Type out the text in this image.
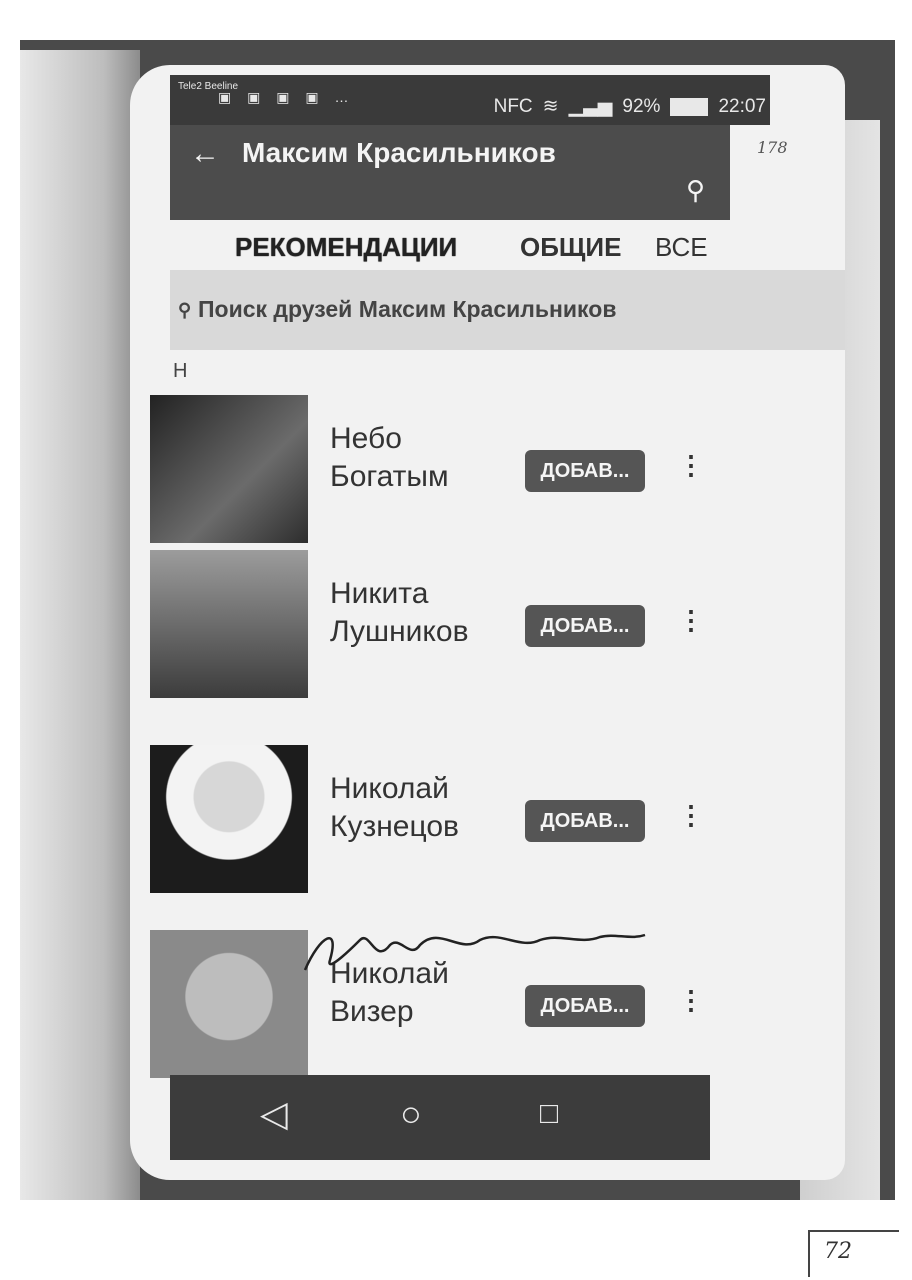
Tele2 Beeline
▣ ▣ ▣ ▣ …	NFC ≋ ▁▃▅ 92%	22:07
← Максим Красильников
⚲
РЕКОМЕНДАЦИИ ОБЩИЕ ВСЕ
⚲ Поиск друзей Максим Красильников
Н
Небо
Богатым	ДОБАВ...	⋮
Никита
Лушников	ДОБАВ...	⋮
Николай
Кузнецов	ДОБАВ...	⋮
Николай
Визер	ДОБАВ...	⋮
◁	○	□
178
72
